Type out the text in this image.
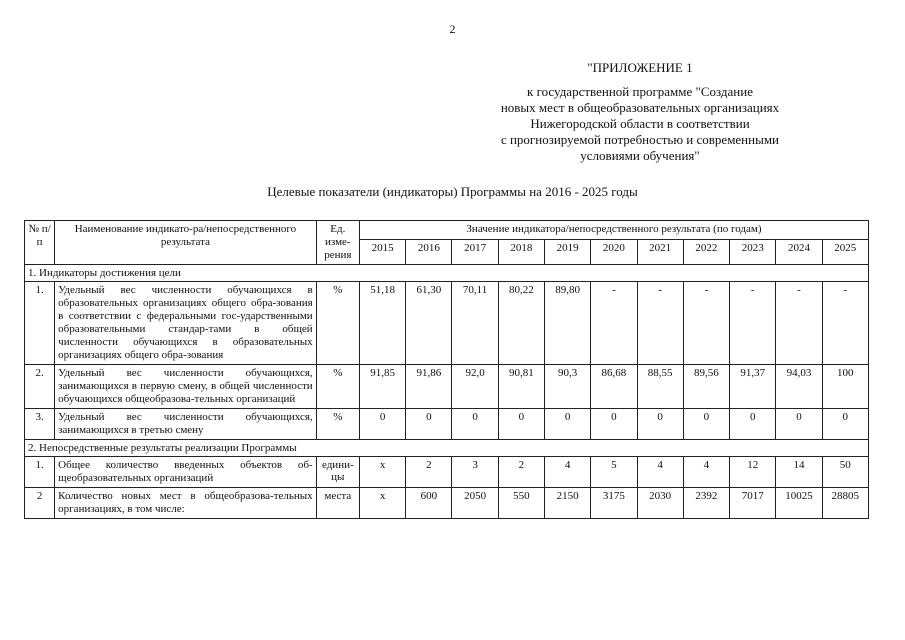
2
"ПРИЛОЖЕНИЕ 1
к государственной программе "Создание
новых мест в общеобразовательных организациях
Нижегородской области в соответствии
с прогнозируемой потребностью и современными
условиями обучения"
Целевые показатели (индикаторы) Программы на 2016 - 2025 годы
№ п/п	Наименование индикато-ра/непосредственного результата	Ед. изме-рения	Значение индикатора/непосредственного результата (по годам)										
			2015	2016	2017	2018	2019	2020	2021	2022	2023	2024	2025
1. Индикаторы достижения цели													
1.	Удельный вес численности обучающихся в образовательных организациях общего обра-зования в соответствии с федеральными гос-ударственными образовательными стандар-тами в общей численности обучающихся в образовательных организациях общего обра-зования	%	51,18	61,30	70,11	80,22	89,80	-	-	-	-	-	-
2.	Удельный вес численности обучающихся, занимающихся в первую смену, в общей численности обучающихся общеобразова-тельных организаций	%	91,85	91,86	92,0	90,81	90,3	86,68	88,55	89,56	91,37	94,03	100
3.	Удельный вес численности обучающихся, занимающихся в третью смену	%	0	0	0	0	0	0	0	0	0	0	0
2. Непосредственные результаты реализации Программы													
1.	Общее количество введенных объектов об-щеобразовательных организаций	едини-цы	х	2	3	2	4	5	4	4	12	14	50
2	Количество новых мест в общеобразова-тельных организациях, в том числе:	места	х	600	2050	550	2150	3175	2030	2392	7017	10025	28805
